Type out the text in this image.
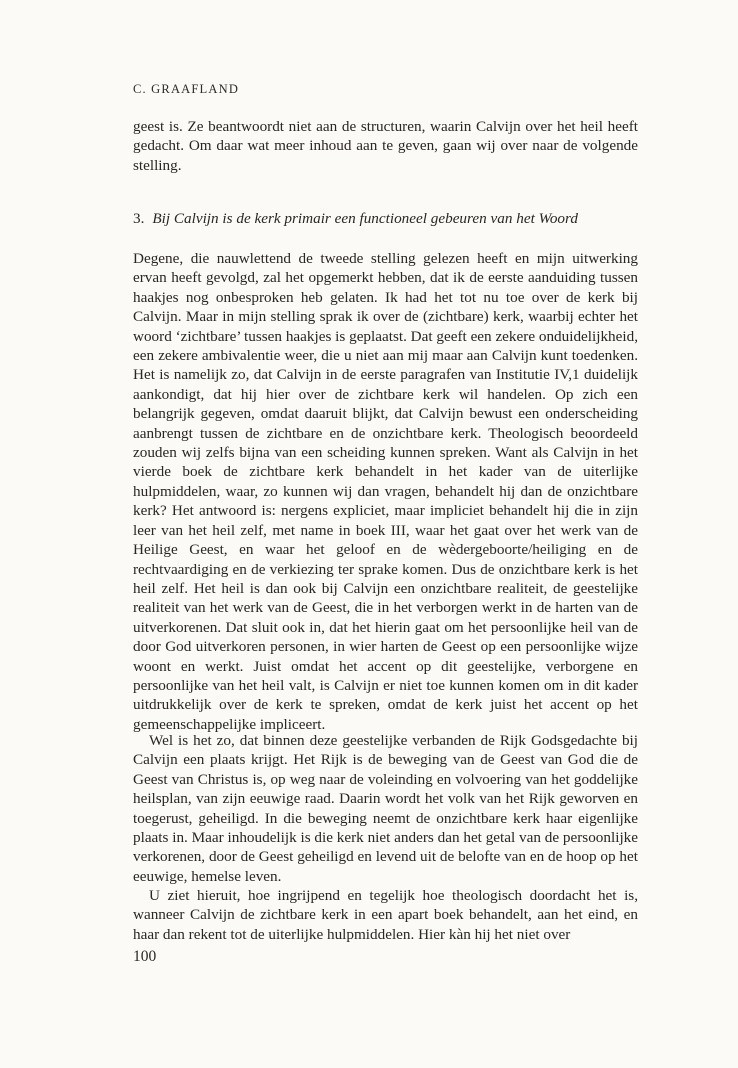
C. GRAAFLAND

geest is. Ze beantwoordt niet aan de structuren, waarin Calvijn over het heil heeft gedacht. Om daar wat meer inhoud aan te geven, gaan wij over naar de volgende stelling.

3. Bij Calvijn is de kerk primair een functioneel gebeuren van het Woord

Degene, die nauwlettend de tweede stelling gelezen heeft en mijn uitwerking ervan heeft gevolgd, zal het opgemerkt hebben, dat ik de eerste aanduiding tussen haakjes nog onbesproken heb gelaten. Ik had het tot nu toe over de kerk bij Calvijn. Maar in mijn stelling sprak ik over de (zichtbare) kerk, waarbij echter het woord ‘zichtbare’ tussen haakjes is geplaatst. Dat geeft een zekere onduidelijkheid, een zekere ambivalentie weer, die u niet aan mij maar aan Calvijn kunt toedenken. Het is namelijk zo, dat Calvijn in de eerste paragrafen van Institutie IV,1 duidelijk aankondigt, dat hij hier over de zichtbare kerk wil handelen. Op zich een belangrijk gegeven, omdat daaruit blijkt, dat Calvijn bewust een onderscheiding aanbrengt tussen de zichtbare en de onzichtbare kerk. Theologisch beoordeeld zouden wij zelfs bijna van een scheiding kunnen spreken. Want als Calvijn in het vierde boek de zichtbare kerk behandelt in het kader van de uiterlijke hulpmiddelen, waar, zo kunnen wij dan vragen, behandelt hij dan de onzichtbare kerk? Het antwoord is: nergens expliciet, maar impliciet behandelt hij die in zijn leer van het heil zelf, met name in boek III, waar het gaat over het werk van de Heilige Geest, en waar het geloof en de wèdergeboorte/heiliging en de rechtvaardiging en de verkiezing ter sprake komen. Dus de onzichtbare kerk is het heil zelf. Het heil is dan ook bij Calvijn een onzichtbare realiteit, de geestelijke realiteit van het werk van de Geest, die in het verborgen werkt in de harten van de uitverkorenen. Dat sluit ook in, dat het hierin gaat om het persoonlijke heil van de door God uitverkoren personen, in wier harten de Geest op een persoonlijke wijze woont en werkt. Juist omdat het accent op dit geestelijke, verborgene en persoonlijke van het heil valt, is Calvijn er niet toe kunnen komen om in dit kader uitdrukkelijk over de kerk te spreken, omdat de kerk juist het accent op het gemeenschappelijke impliceert.

Wel is het zo, dat binnen deze geestelijke verbanden de Rijk Godsgedachte bij Calvijn een plaats krijgt. Het Rijk is de beweging van de Geest van God die de Geest van Christus is, op weg naar de voleinding en volvoering van het goddelijke heilsplan, van zijn eeuwige raad. Daarin wordt het volk van het Rijk geworven en toegerust, geheiligd. In die beweging neemt de onzichtbare kerk haar eigenlijke plaats in. Maar inhoudelijk is die kerk niet anders dan het getal van de persoonlijke verkorenen, door de Geest geheiligd en levend uit de belofte van en de hoop op het eeuwige, hemelse leven.

U ziet hieruit, hoe ingrijpend en tegelijk hoe theologisch doordacht het is, wanneer Calvijn de zichtbare kerk in een apart boek behandelt, aan het eind, en haar dan rekent tot de uiterlijke hulpmiddelen. Hier kàn hij het niet over

100
